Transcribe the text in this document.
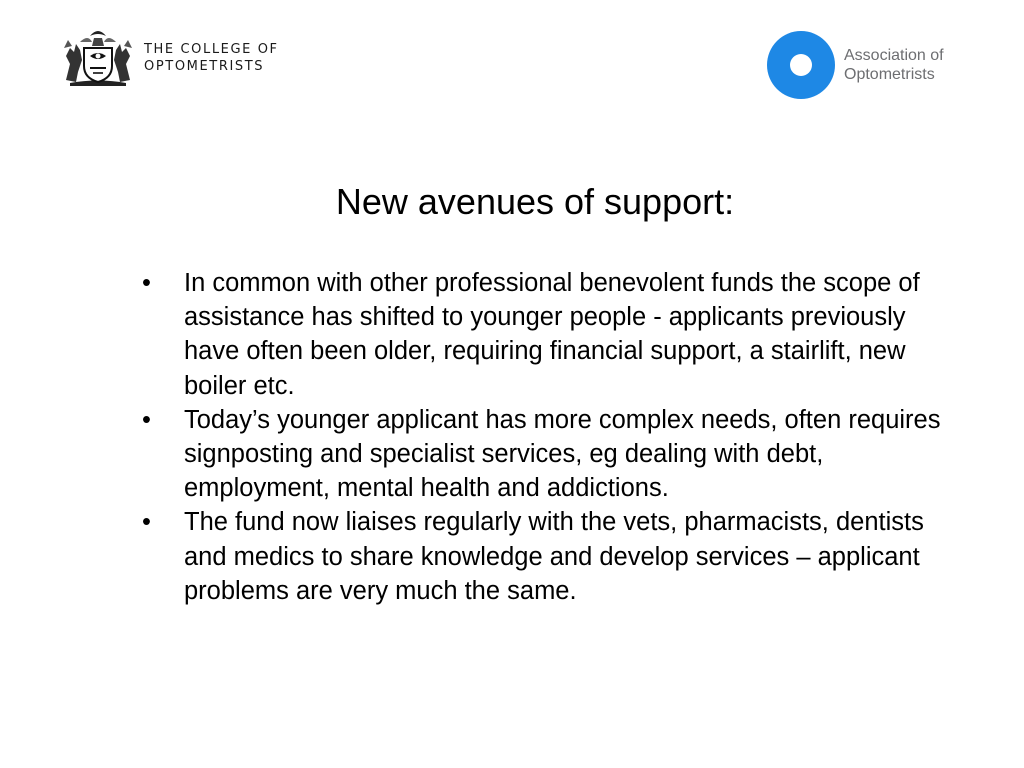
THE COLLEGE OF
OPTOMETRISTS
Association of
Optometrists
New avenues of support:
•	In common with other professional benevolent funds the scope of assistance has shifted to younger people - applicants previously have often been older, requiring financial support, a stairlift, new boiler etc.
•	Today’s younger applicant has more complex needs, often requires signposting and specialist services, eg dealing with debt, employment, mental health and addictions.
•	The fund now liaises regularly with the vets, pharmacists, dentists and medics to share knowledge and develop services – applicant problems are very much the same.
